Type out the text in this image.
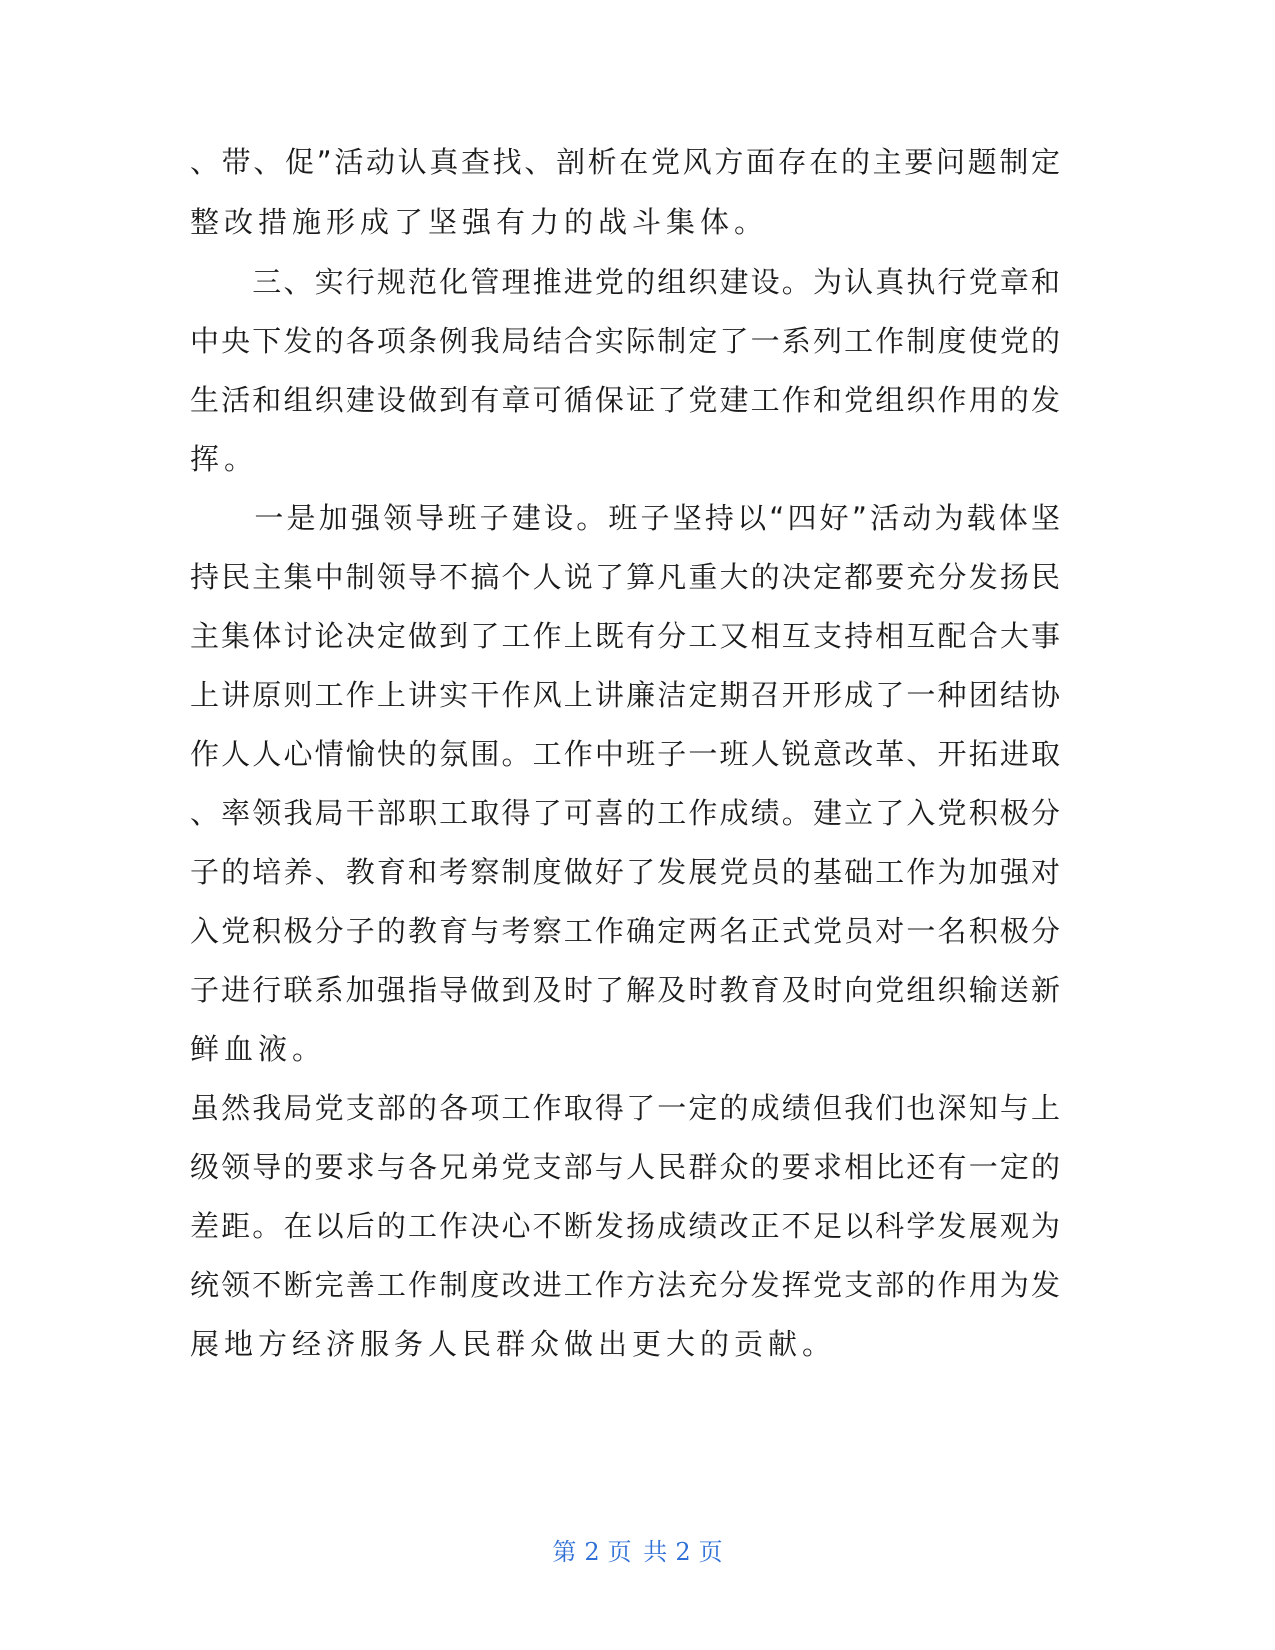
、带、促”活动认真查找、剖析在党风方面存在的主要问题制定
整改措施形成了坚强有力的战斗集体。
　　三、实行规范化管理推进党的组织建设。为认真执行党章和
中央下发的各项条例我局结合实际制定了一系列工作制度使党的
生活和组织建设做到有章可循保证了党建工作和党组织作用的发
挥。
　　一是加强领导班子建设。班子坚持以“四好”活动为载体坚
持民主集中制领导不搞个人说了算凡重大的决定都要充分发扬民
主集体讨论决定做到了工作上既有分工又相互支持相互配合大事
上讲原则工作上讲实干作风上讲廉洁定期召开形成了一种团结协
作人人心情愉快的氛围。工作中班子一班人锐意改革、开拓进取
、率领我局干部职工取得了可喜的工作成绩。建立了入党积极分
子的培养、教育和考察制度做好了发展党员的基础工作为加强对
入党积极分子的教育与考察工作确定两名正式党员对一名积极分
子进行联系加强指导做到及时了解及时教育及时向党组织输送新
鲜血液。
虽然我局党支部的各项工作取得了一定的成绩但我们也深知与上
级领导的要求与各兄弟党支部与人民群众的要求相比还有一定的
差距。在以后的工作决心不断发扬成绩改正不足以科学发展观为
统领不断完善工作制度改进工作方法充分发挥党支部的作用为发
展地方经济服务人民群众做出更大的贡献。
第 2 页 共 2 页
